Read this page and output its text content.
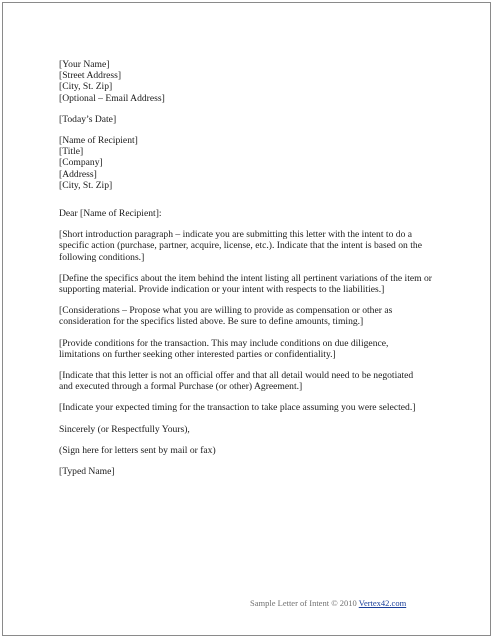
[Your Name]
[Street Address]
[City, St. Zip]
[Optional – Email Address]
[Today’s Date]
[Name of Recipient]
[Title]
[Company]
[Address]
[City, St. Zip]
Dear [Name of Recipient]:
[Short introduction paragraph – indicate you are submitting this letter with the intent to do a
specific action (purchase, partner, acquire, license, etc.). Indicate that the intent is based on the
following conditions.]
[Define the specifics about the item behind the intent listing all pertinent variations of the item or
supporting material. Provide indication or your intent with respects to the liabilities.]
[Considerations – Propose what you are willing to provide as compensation or other as
consideration for the specifics listed above. Be sure to define amounts, timing.]
[Provide conditions for the transaction. This may include conditions on due diligence,
limitations on further seeking other interested parties or confidentiality.]
[Indicate that this letter is not an official offer and that all detail would need to be negotiated
and executed through a formal Purchase (or other) Agreement.]
[Indicate your expected timing for the transaction to take place assuming you were selected.]
Sincerely (or Respectfully Yours),
(Sign here for letters sent by mail or fax)
[Typed Name]
Sample Letter of Intent © 2010 Vertex42.com
